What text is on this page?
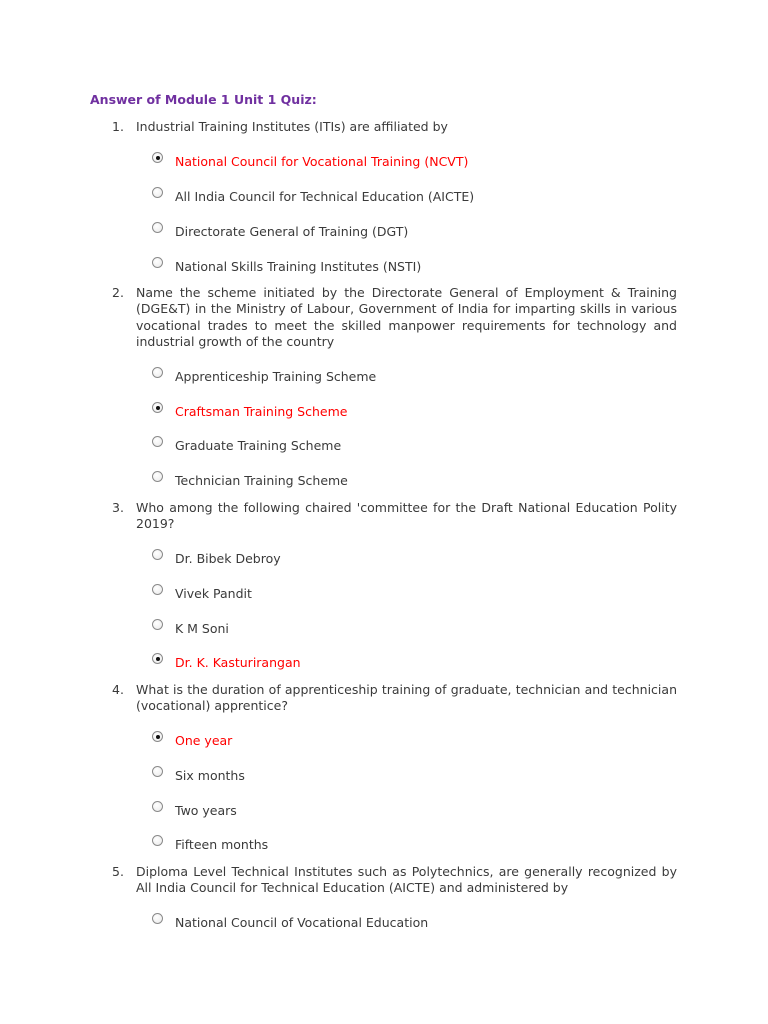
Answer of Module 1 Unit 1 Quiz:
1. Industrial Training Institutes (ITIs) are affiliated by
National Council for Vocational Training (NCVT)
All India Council for Technical Education (AICTE)
Directorate General of Training (DGT)
National Skills Training Institutes (NSTI)
2. Name the scheme initiated by the Directorate General of Employment & Training (DGE&T) in the Ministry of Labour, Government of India for imparting skills in various vocational trades to meet the skilled manpower requirements for technology and industrial growth of the country
Apprenticeship Training Scheme
Craftsman Training Scheme
Graduate Training Scheme
Technician Training Scheme
3. Who among the following chaired 'committee for the Draft National Education Polity 2019?
Dr. Bibek Debroy
Vivek Pandit
K M Soni
Dr. K. Kasturirangan
4. What is the duration of apprenticeship training of graduate, technician and technician (vocational) apprentice?
One year
Six months
Two years
Fifteen months
5. Diploma Level Technical Institutes such as Polytechnics, are generally recognized by All India Council for Technical Education (AICTE) and administered by
National Council of Vocational Education
